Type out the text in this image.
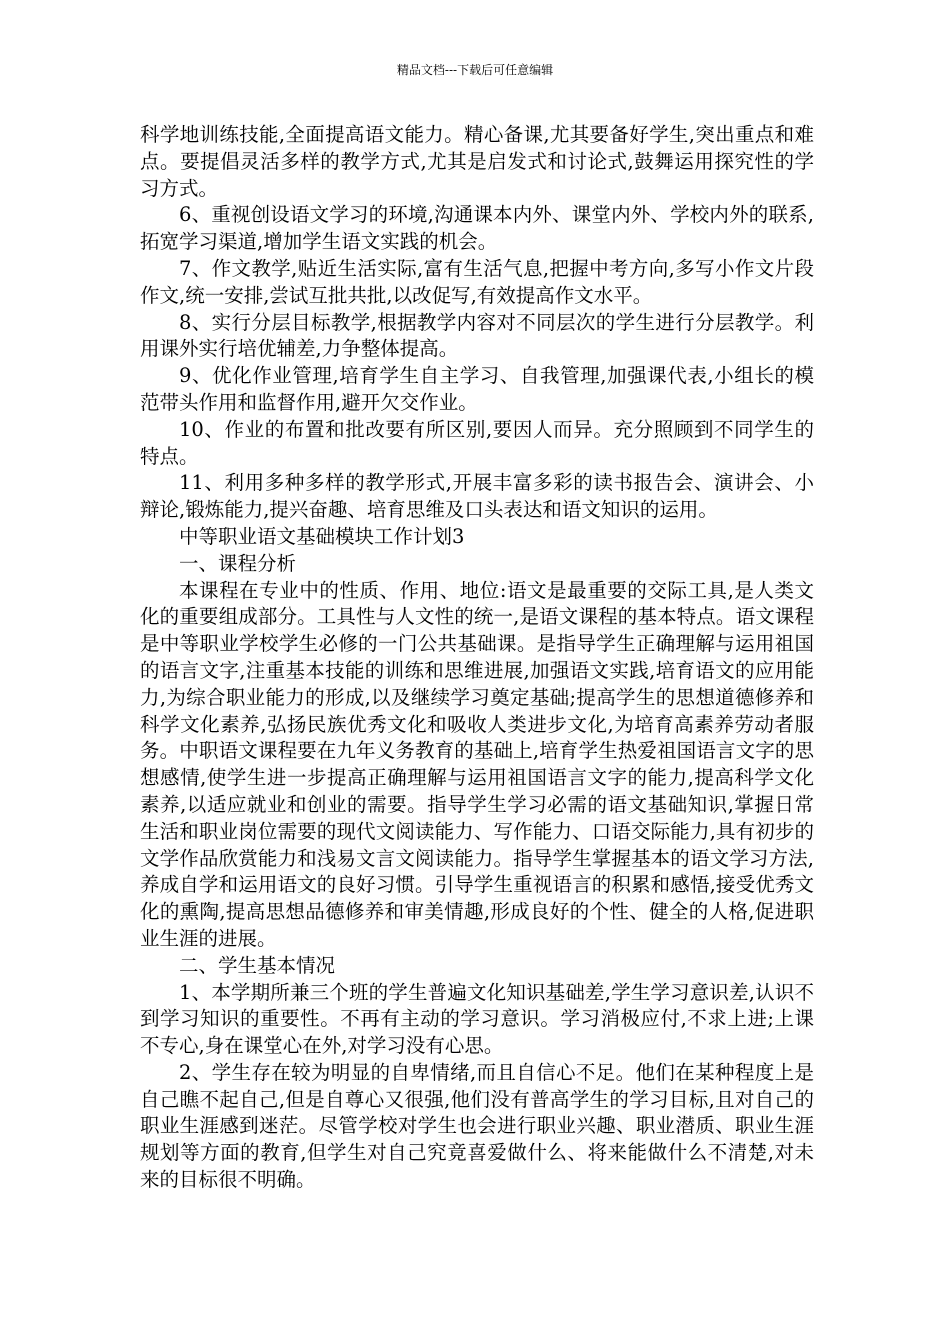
精品文档---下载后可任意编辑

科学地训练技能,全面提高语文能力。精心备课,尤其要备好学生,突出重点和难点。要提倡灵活多样的教学方式,尤其是启发式和讨论式,鼓舞运用探究性的学习方式。

6、重视创设语文学习的环境,沟通课本内外、课堂内外、学校内外的联系,拓宽学习渠道,增加学生语文实践的机会。

7、作文教学,贴近生活实际,富有生活气息,把握中考方向,多写小作文片段作文,统一安排,尝试互批共批,以改促写,有效提高作文水平。

8、实行分层目标教学,根据教学内容对不同层次的学生进行分层教学。利用课外实行培优辅差,力争整体提高。

9、优化作业管理,培育学生自主学习、自我管理,加强课代表,小组长的模范带头作用和监督作用,避开欠交作业。

10、作业的布置和批改要有所区别,要因人而异。充分照顾到不同学生的特点。

11、利用多种多样的教学形式,开展丰富多彩的读书报告会、演讲会、小辩论,锻炼能力,提兴奋趣、培育思维及口头表达和语文知识的运用。

中等职业语文基础模块工作计划3

一、课程分析

本课程在专业中的性质、作用、地位:语文是最重要的交际工具,是人类文化的重要组成部分。工具性与人文性的统一,是语文课程的基本特点。语文课程是中等职业学校学生必修的一门公共基础课。是指导学生正确理解与运用祖国的语言文字,注重基本技能的训练和思维进展,加强语文实践,培育语文的应用能力,为综合职业能力的形成,以及继续学习奠定基础;提高学生的思想道德修养和科学文化素养,弘扬民族优秀文化和吸收人类进步文化,为培育高素养劳动者服务。中职语文课程要在九年义务教育的基础上,培育学生热爱祖国语言文字的思想感情,使学生进一步提高正确理解与运用祖国语言文字的能力,提高科学文化素养,以适应就业和创业的需要。指导学生学习必需的语文基础知识,掌握日常生活和职业岗位需要的现代文阅读能力、写作能力、口语交际能力,具有初步的文学作品欣赏能力和浅易文言文阅读能力。指导学生掌握基本的语文学习方法,养成自学和运用语文的良好习惯。引导学生重视语言的积累和感悟,接受优秀文化的熏陶,提高思想品德修养和审美情趣,形成良好的个性、健全的人格,促进职业生涯的进展。

二、学生基本情况

1、本学期所兼三个班的学生普遍文化知识基础差,学生学习意识差,认识不到学习知识的重要性。不再有主动的学习意识。学习消极应付,不求上进;上课不专心,身在课堂心在外,对学习没有心思。

2、学生存在较为明显的自卑情绪,而且自信心不足。他们在某种程度上是自己瞧不起自己,但是自尊心又很强,他们没有普高学生的学习目标,且对自己的职业生涯感到迷茫。尽管学校对学生也会进行职业兴趣、职业潜质、职业生涯规划等方面的教育,但学生对自己究竟喜爱做什么、将来能做什么不清楚,对未来的目标很不明确。
